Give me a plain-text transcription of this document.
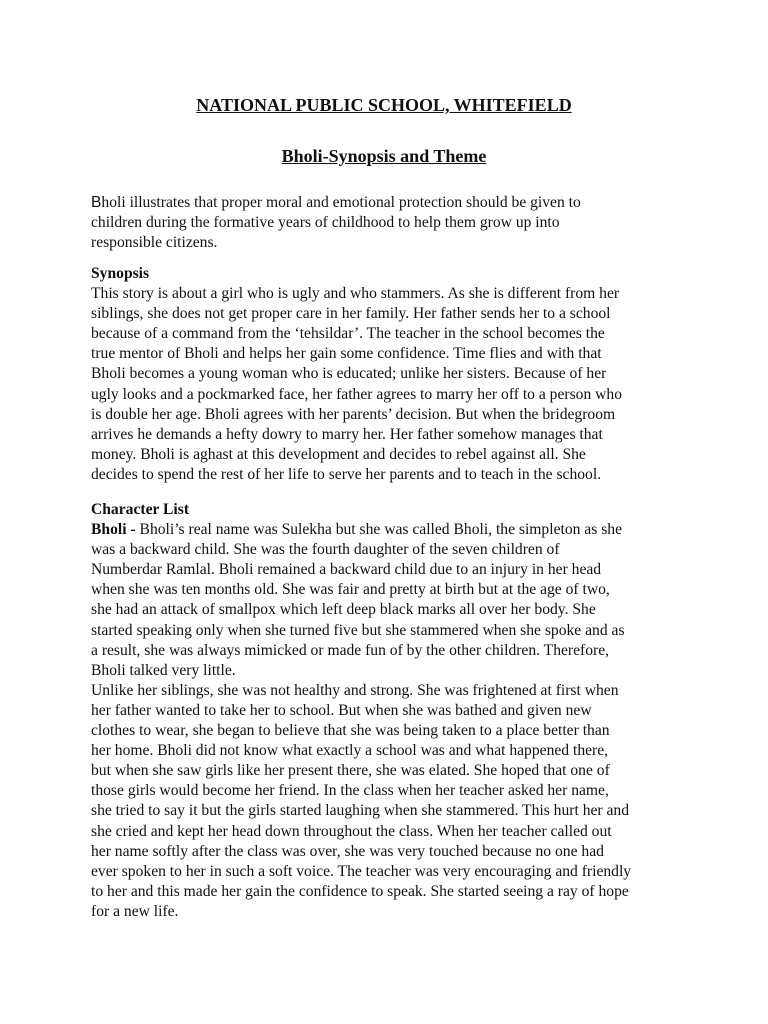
NATIONAL PUBLIC SCHOOL, WHITEFIELD
Bholi-Synopsis and Theme
Bholi illustrates that proper moral and emotional protection should be given to
children during the formative years of childhood to help them grow up into
responsible citizens.
Synopsis
This story is about a girl who is ugly and who stammers. As she is different from her
siblings, she does not get proper care in her family. Her father sends her to a school
because of a command from the ‘tehsildar’. The teacher in the school becomes the
true mentor of Bholi and helps her gain some confidence. Time flies and with that
Bholi becomes a young woman who is educated; unlike her sisters. Because of her
ugly looks and a pockmarked face, her father agrees to marry her off to a person who
is double her age. Bholi agrees with her parents’ decision. But when the bridegroom
arrives he demands a hefty dowry to marry her. Her father somehow manages that
money. Bholi is aghast at this development and decides to rebel against all. She
decides to spend the rest of her life to serve her parents and to teach in the school.
Character List
Bholi - Bholi’s real name was Sulekha but she was called Bholi, the simpleton as she
was a backward child. She was the fourth daughter of the seven children of
Numberdar Ramlal. Bholi remained a backward child due to an injury in her head
when she was ten months old. She was fair and pretty at birth but at the age of two,
she had an attack of smallpox which left deep black marks all over her body. She
started speaking only when she turned five but she stammered when she spoke and as
a result, she was always mimicked or made fun of by the other children. Therefore,
Bholi talked very little.
Unlike her siblings, she was not healthy and strong. She was frightened at first when
her father wanted to take her to school. But when she was bathed and given new
clothes to wear, she began to believe that she was being taken to a place better than
her home. Bholi did not know what exactly a school was and what happened there,
but when she saw girls like her present there, she was elated. She hoped that one of
those girls would become her friend. In the class when her teacher asked her name,
she tried to say it but the girls started laughing when she stammered. This hurt her and
she cried and kept her head down throughout the class. When her teacher called out
her name softly after the class was over, she was very touched because no one had
ever spoken to her in such a soft voice. The teacher was very encouraging and friendly
to her and this made her gain the confidence to speak. She started seeing a ray of hope
for a new life.
